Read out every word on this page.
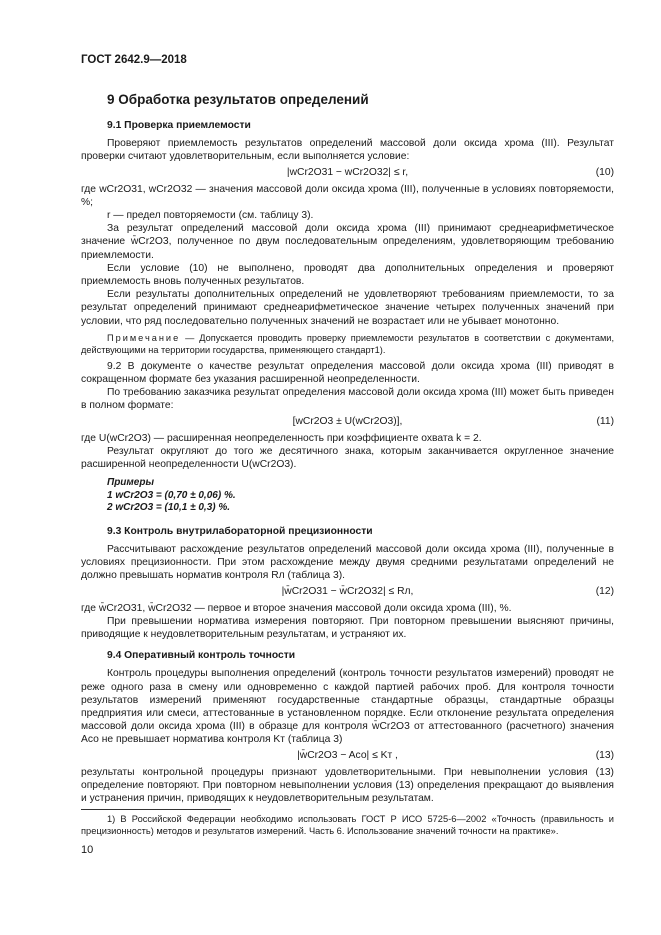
ГОСТ 2642.9—2018
9 Обработка результатов определений
9.1 Проверка приемлемости

Проверяют приемлемость результатов определений массовой доли оксида хрома (III). Результат проверки считают удовлетворительным, если выполняется условие:

|wCr2O31 − wCr2O32| ≤ r,	(10)

где wCr2O31, wCr2O32 — значения массовой доли оксида хрома (III), полученные в условиях повторяемости, %;

r — предел повторяемости (см. таблицу 3).

За результат определений массовой доли оксида хрома (III) принимают среднеарифметическое значение w̄Cr2O3, полученное по двум последовательным определениям, удовлетворяющим требованию приемлемости.

Если условие (10) не выполнено, проводят два дополнительных определения и проверяют приемлемость вновь полученных результатов.

Если результаты дополнительных определений не удовлетворяют требованиям приемлемости, то за результат определений принимают среднеарифметическое значение четырех полученных значений при условии, что ряд последовательно полученных значений не возрастает или не убывает монотонно.

Примечание — Допускается проводить проверку приемлемости результатов в соответствии с документами, действующими на территории государства, применяющего стандарт1).

9.2 В документе о качестве результат определения массовой доли оксида хрома (III) приводят в сокращенном формате без указания расширенной неопределенности.

По требованию заказчика результат определения массовой доли оксида хрома (III) может быть приведен в полном формате:

[wCr2O3 ± U(wCr2O3)],	(11)

где U(wCr2O3) — расширенная неопределенность при коэффициенте охвата k = 2.

Результат округляют до того же десятичного знака, которым заканчивается округленное значение расширенной неопределенности U(wCr2O3).

Примеры
1 wCr2O3 = (0,70 ± 0,06) %.
2 wCr2O3 = (10,1 ± 0,3) %.
9.3 Контроль внутрилабораторной прецизионности

Рассчитывают расхождение результатов определений массовой доли оксида хрома (III), полученные в условиях прецизионности. При этом расхождение между двумя средними результатами определений не должно превышать норматив контроля Rл (таблица 3).

|w̄Cr2O31 − w̄Cr2O32| ≤ Rл,	(12)

где w̄Cr2O31, w̄Cr2O32 — первое и второе значения массовой доли оксида хрома (III), %.

При превышении норматива измерения повторяют. При повторном превышении выясняют причины, приводящие к неудовлетворительным результатам, и устраняют их.

9.4 Оперативный контроль точности

Контроль процедуры выполнения определений (контроль точности результатов измерений) проводят не реже одного раза в смену или одновременно с каждой партией рабочих проб. Для контроля точности результатов измерений применяют государственные стандартные образцы, стандартные образцы предприятия или смеси, аттестованные в установленном порядке. Если отклонение результата определения массовой доли оксида хрома (III) в образце для контроля w̄Cr2O3 от аттестованного (расчетного) значения Aсо не превышает норматива контроля Kт (таблица 3)

|w̄Cr2O3 − Aсо| ≤ Kт ,	(13)

результаты контрольной процедуры признают удовлетворительными. При невыполнении условия (13) определение повторяют. При повторном невыполнении условия (13) определения прекращают до выявления и устранения причин, приводящих к неудовлетворительным результатам.

1) В Российской Федерации необходимо использовать ГОСТ Р ИСО 5725-6—2002 «Точность (правильность и прецизионность) методов и результатов измерений. Часть 6. Использование значений точности на практике».

10
